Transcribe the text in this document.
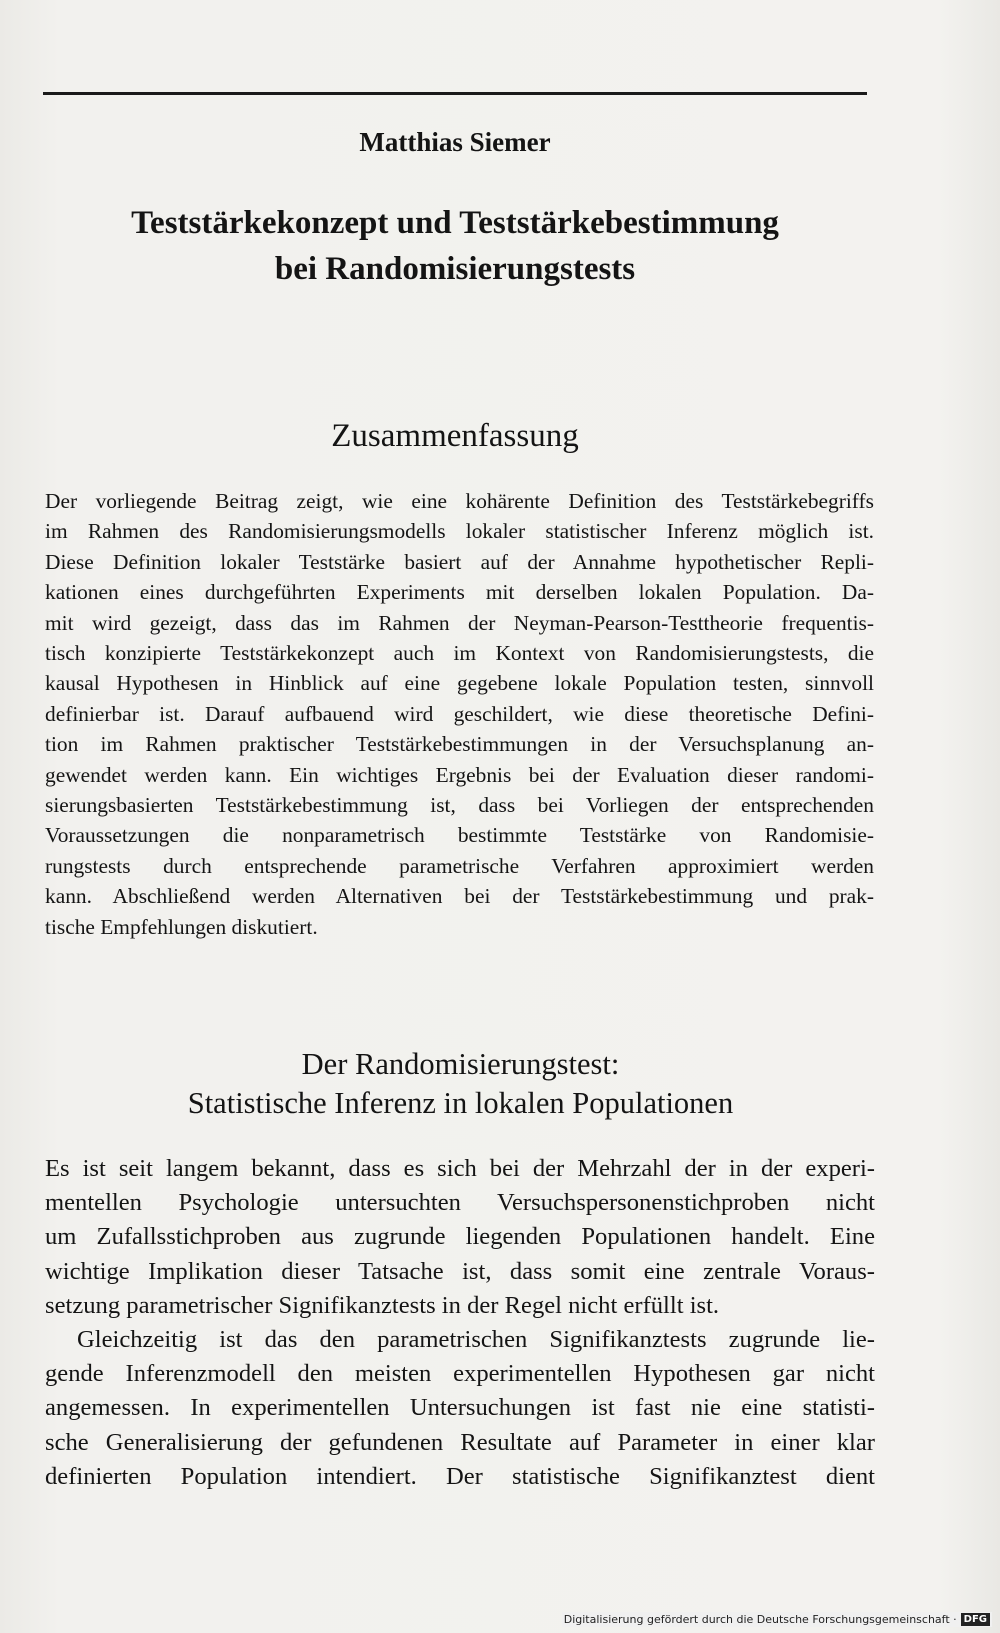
Matthias Siemer
Teststärkekonzept und Teststärkebestimmung
bei Randomisierungstests
Zusammenfassung
Der vorliegende Beitrag zeigt, wie eine kohärente Definition des Teststärkebegriffs
im Rahmen des Randomisierungsmodells lokaler statistischer Inferenz möglich ist.
Diese Definition lokaler Teststärke basiert auf der Annahme hypothetischer Repli-
kationen eines durchgeführten Experiments mit derselben lokalen Population. Da-
mit wird gezeigt, dass das im Rahmen der Neyman-Pearson-Testtheorie frequentis-
tisch konzipierte Teststärkekonzept auch im Kontext von Randomisierungstests, die
kausal Hypothesen in Hinblick auf eine gegebene lokale Population testen, sinnvoll
definierbar ist. Darauf aufbauend wird geschildert, wie diese theoretische Defini-
tion im Rahmen praktischer Teststärkebestimmungen in der Versuchsplanung an-
gewendet werden kann. Ein wichtiges Ergebnis bei der Evaluation dieser randomi-
sierungsbasierten Teststärkebestimmung ist, dass bei Vorliegen der entsprechenden
Voraussetzungen die nonparametrisch bestimmte Teststärke von Randomisie-
rungstests durch entsprechende parametrische Verfahren approximiert werden
kann. Abschließend werden Alternativen bei der Teststärkebestimmung und prak-
tische Empfehlungen diskutiert.
Der Randomisierungstest:
Statistische Inferenz in lokalen Populationen
Es ist seit langem bekannt, dass es sich bei der Mehrzahl der in der experi-
mentellen Psychologie untersuchten Versuchspersonenstichproben nicht
um Zufallsstichproben aus zugrunde liegenden Populationen handelt. Eine
wichtige Implikation dieser Tatsache ist, dass somit eine zentrale Voraus-
setzung parametrischer Signifikanztests in der Regel nicht erfüllt ist.
Gleichzeitig ist das den parametrischen Signifikanztests zugrunde lie-
gende Inferenzmodell den meisten experimentellen Hypothesen gar nicht
angemessen. In experimentellen Untersuchungen ist fast nie eine statisti-
sche Generalisierung der gefundenen Resultate auf Parameter in einer klar
definierten Population intendiert. Der statistische Signifikanztest dient
Digitalisierung gefördert durch die Deutsche Forschungsgemeinschaft · DFG
